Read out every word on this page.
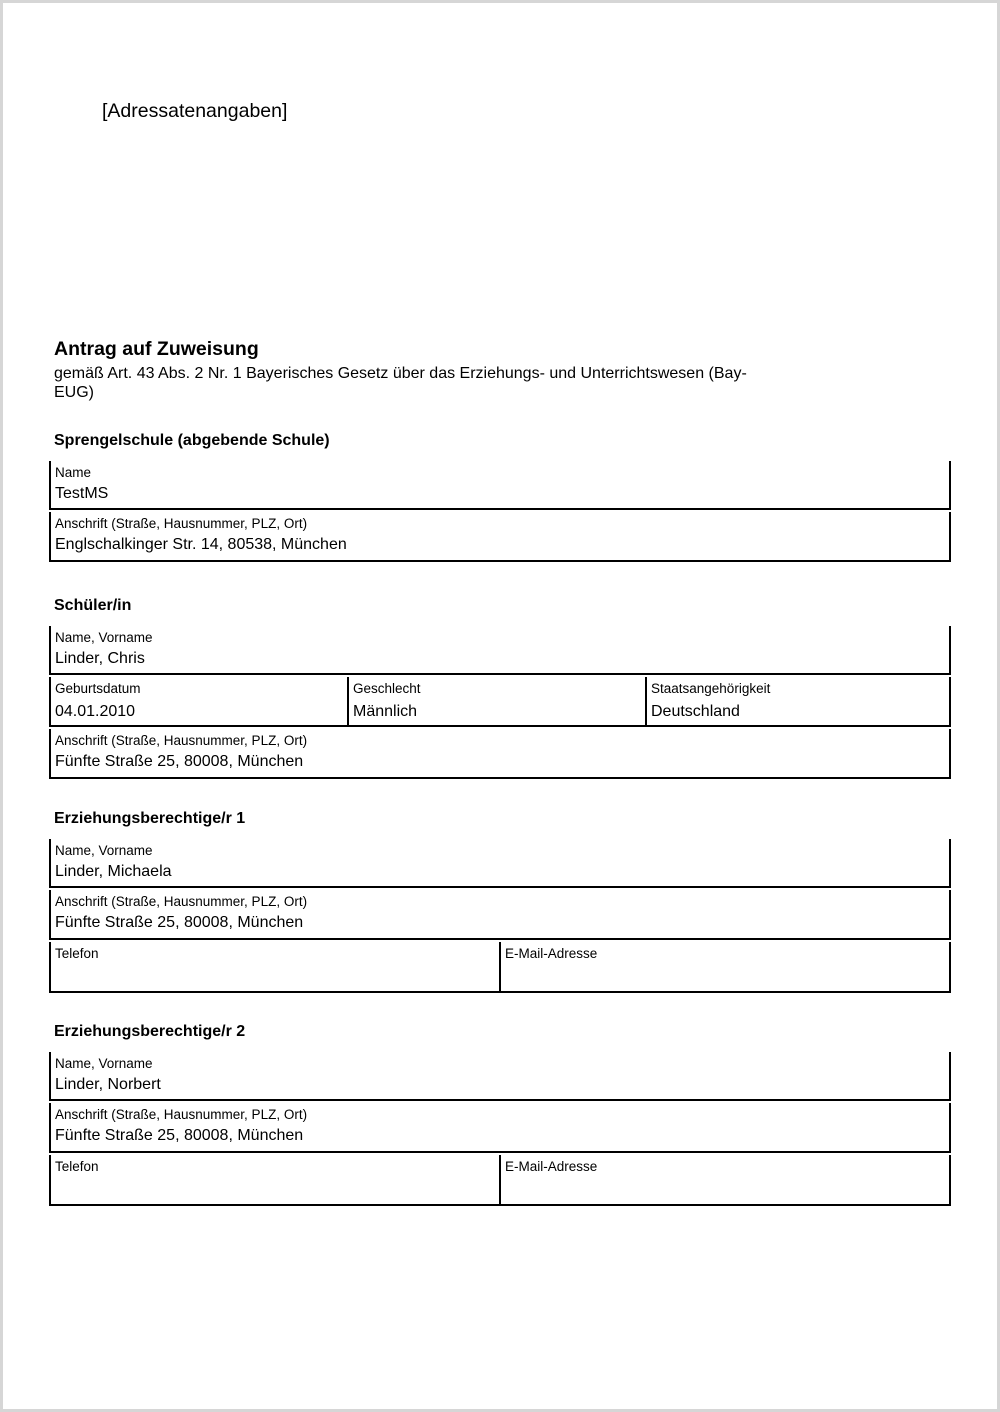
[Adressatenangaben]
Antrag auf Zuweisung
gemäß Art. 43 Abs. 2 Nr. 1 Bayerisches Gesetz über das Erziehungs- und Unterrichtswesen (Bay-
EUG)
Sprengelschule (abgebende Schule)
Name
TestMS
Anschrift (Straße, Hausnummer, PLZ, Ort)
Englschalkinger Str. 14, 80538, München
Schüler/in
Name, Vorname
Linder, Chris
Geburtsdatum
04.01.2010
Geschlecht
Männlich
Staatsangehörigkeit
Deutschland
Anschrift (Straße, Hausnummer, PLZ, Ort)
Fünfte Straße 25, 80008, München
Erziehungsberechtige/r 1
Name, Vorname
Linder, Michaela
Anschrift (Straße, Hausnummer, PLZ, Ort)
Fünfte Straße 25, 80008, München
Telefon	E-Mail-Adresse
Erziehungsberechtige/r 2
Name, Vorname
Linder, Norbert
Anschrift (Straße, Hausnummer, PLZ, Ort)
Fünfte Straße 25, 80008, München
Telefon	E-Mail-Adresse
